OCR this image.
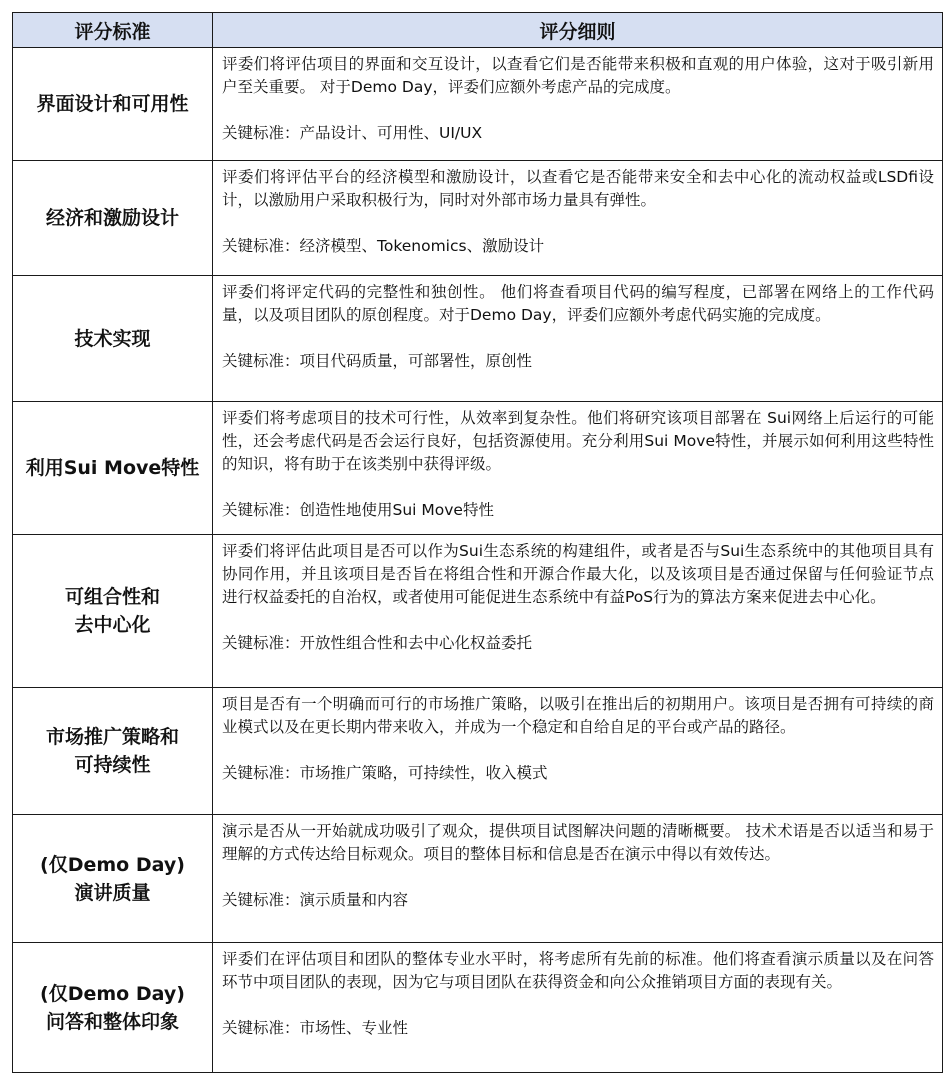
评分标准	评分细则

界面设计和可用性	评委们将评估项目的界面和交互设计，以查看它们是否能带来积极和直观的用户体验，这对于吸引新用户至关重要。 对于Demo Day，评委们应额外考虑产品的完成度。
关键标准：产品设计、可用性、UI/UX

经济和激励设计	评委们将评估平台的经济模型和激励设计，以查看它是否能带来安全和去中心化的流动权益或LSDfi设计，以激励用户采取积极行为，同时对外部市场力量具有弹性。
关键标准：经济模型、Tokenomics、激励设计

技术实现	评委们将评定代码的完整性和独创性。 他们将查看项目代码的编写程度，已部署在网络上的工作代码量，以及项目团队的原创程度。对于Demo Day，评委们应额外考虑代码实施的完成度。
关键标准：项目代码质量，可部署性，原创性

利用Sui Move特性	评委们将考虑项目的技术可行性，从效率到复杂性。他们将研究该项目部署在 Sui网络上后运行的可能性，还会考虑代码是否会运行良好，包括资源使用。充分利用Sui Move特性，并展示如何利用这些特性的知识，将有助于在该类别中获得评级。
关键标准：创造性地使用Sui Move特性

可组合性和
去中心化	评委们将评估此项目是否可以作为Sui生态系统的构建组件，或者是否与Sui生态系统中的其他项目具有协同作用，并且该项目是否旨在将组合性和开源合作最大化，以及该项目是否通过保留与任何验证节点进行权益委托的自治权，或者使用可能促进生态系统中有益PoS行为的算法方案来促进去中心化。
关键标准：开放性组合性和去中心化权益委托

市场推广策略和
可持续性	项目是否有一个明确而可行的市场推广策略，以吸引在推出后的初期用户。该项目是否拥有可持续的商业模式以及在更长期内带来收入，并成为一个稳定和自给自足的平台或产品的路径。
关键标准：市场推广策略，可持续性，收入模式

(仅Demo Day)
演讲质量	演示是否从一开始就成功吸引了观众，提供项目试图解决问题的清晰概要。 技术术语是否以适当和易于理解的方式传达给目标观众。项目的整体目标和信息是否在演示中得以有效传达。
关键标准：演示质量和内容

(仅Demo Day)
问答和整体印象	评委们在评估项目和团队的整体专业水平时，将考虑所有先前的标准。他们将查看演示质量以及在问答环节中项目团队的表现，因为它与项目团队在获得资金和向公众推销项目方面的表现有关。
关键标准：市场性、专业性
